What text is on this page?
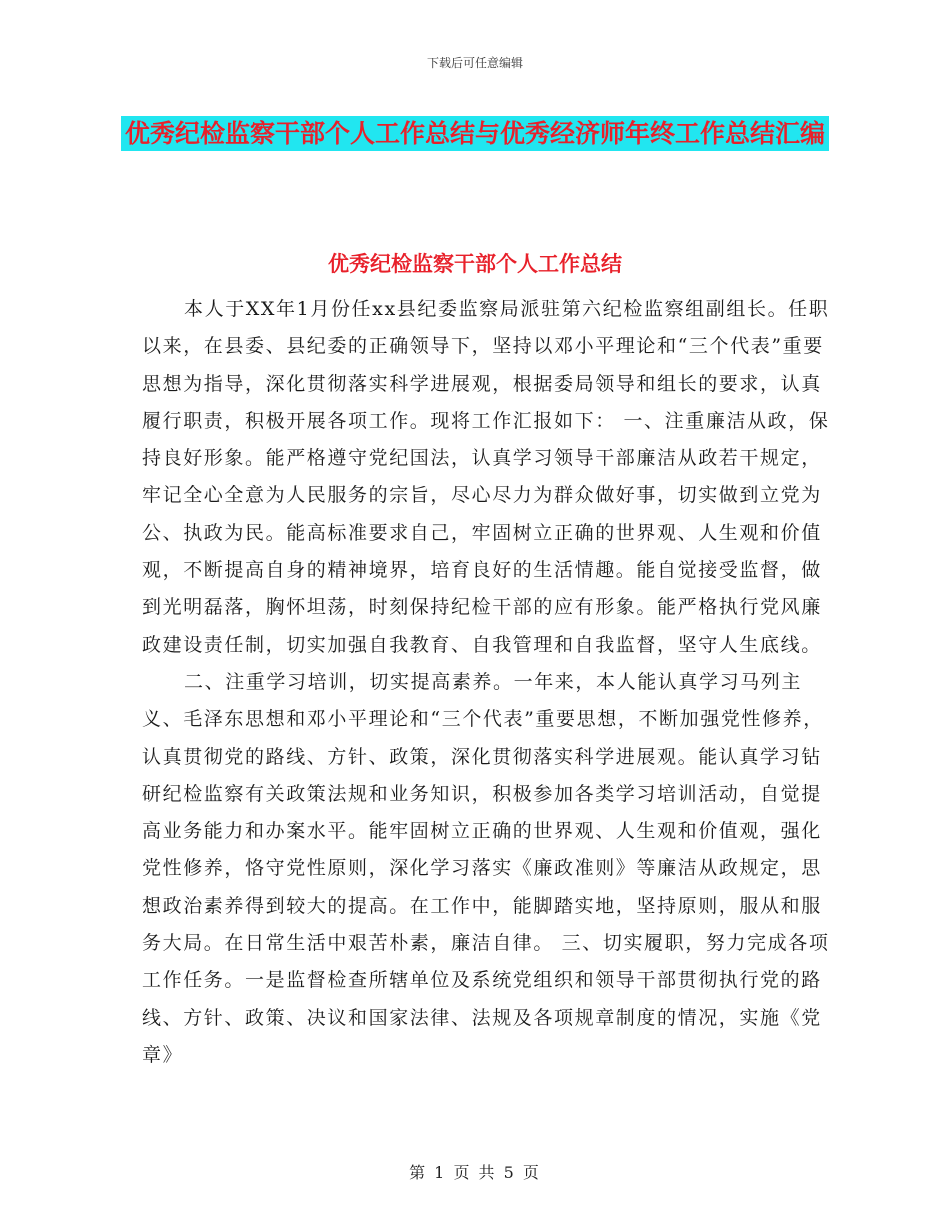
下载后可任意编辑
优秀纪检监察干部个人工作总结与优秀经济师年终工作总结汇编
优秀纪检监察干部个人工作总结

本人于XX年1月份任xx县纪委监察局派驻第六纪检监察组副组长。任职以来，在县委、县纪委的正确领导下，坚持以邓小平理论和“三个代表”重要思想为指导，深化贯彻落实科学进展观，根据委局领导和组长的要求，认真履行职责，积极开展各项工作。现将工作汇报如下： 一、注重廉洁从政，保持良好形象。能严格遵守党纪国法，认真学习领导干部廉洁从政若干规定，牢记全心全意为人民服务的宗旨，尽心尽力为群众做好事，切实做到立党为公、执政为民。能高标准要求自己，牢固树立正确的世界观、人生观和价值观，不断提高自身的精神境界，培育良好的生活情趣。能自觉接受监督，做到光明磊落，胸怀坦荡，时刻保持纪检干部的应有形象。能严格执行党风廉政建设责任制，切实加强自我教育、自我管理和自我监督，坚守人生底线。

二、注重学习培训，切实提高素养。一年来，本人能认真学习马列主义、毛泽东思想和邓小平理论和“三个代表”重要思想，不断加强党性修养，认真贯彻党的路线、方针、政策，深化贯彻落实科学进展观。能认真学习钻研纪检监察有关政策法规和业务知识，积极参加各类学习培训活动，自觉提高业务能力和办案水平。能牢固树立正确的世界观、人生观和价值观，强化党性修养，恪守党性原则，深化学习落实《廉政准则》等廉洁从政规定，思想政治素养得到较大的提高。在工作中，能脚踏实地，坚持原则，服从和服务大局。在日常生活中艰苦朴素，廉洁自律。 三、切实履职，努力完成各项工作任务。一是监督检查所辖单位及系统党组织和领导干部贯彻执行党的路线、方针、政策、决议和国家法律、法规及各项规章制度的情况，实施《党章》

第 1 页 共 5 页
